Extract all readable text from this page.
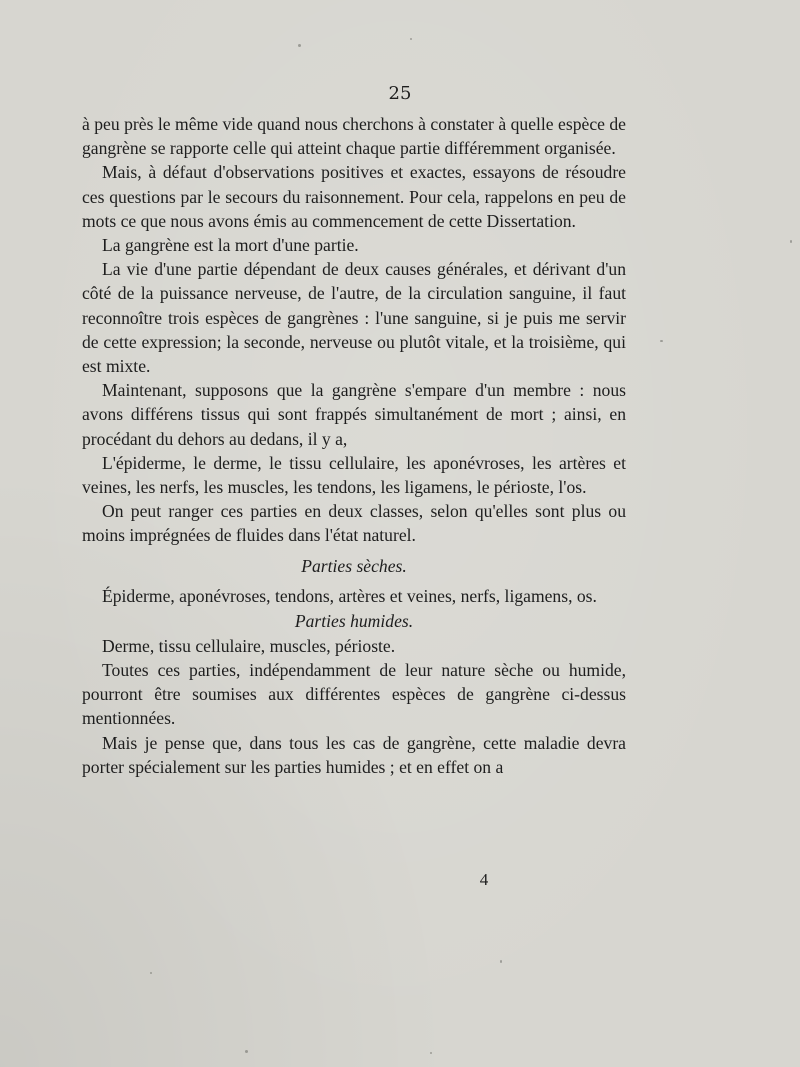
25

à peu près le même vide quand nous cherchons à constater à quelle espèce de gangrène se rapporte celle qui atteint chaque partie différemment organisée.

Mais, à défaut d'observations positives et exactes, essayons de résoudre ces questions par le secours du raisonnement. Pour cela, rappelons en peu de mots ce que nous avons émis au commencement de cette Dissertation.

La gangrène est la mort d'une partie.

La vie d'une partie dépendant de deux causes générales, et dérivant d'un côté de la puissance nerveuse, de l'autre, de la circulation sanguine, il faut reconnoître trois espèces de gangrènes : l'une sanguine, si je puis me servir de cette expression; la seconde, nerveuse ou plutôt vitale, et la troisième, qui est mixte.

Maintenant, supposons que la gangrène s'empare d'un membre : nous avons différens tissus qui sont frappés simultanément de mort ; ainsi, en procédant du dehors au dedans, il y a,

L'épiderme, le derme, le tissu cellulaire, les aponévroses, les artères et veines, les nerfs, les muscles, les tendons, les ligamens, le périoste, l'os.

On peut ranger ces parties en deux classes, selon qu'elles sont plus ou moins imprégnées de fluides dans l'état naturel.

Parties sèches.

Épiderme, aponévroses, tendons, artères et veines, nerfs, ligamens, os.

Parties humides.

Derme, tissu cellulaire, muscles, périoste.

Toutes ces parties, indépendamment de leur nature sèche ou humide, pourront être soumises aux différentes espèces de gangrène ci-dessus mentionnées.

Mais je pense que, dans tous les cas de gangrène, cette maladie devra porter spécialement sur les parties humides ; et en effet on a

4
